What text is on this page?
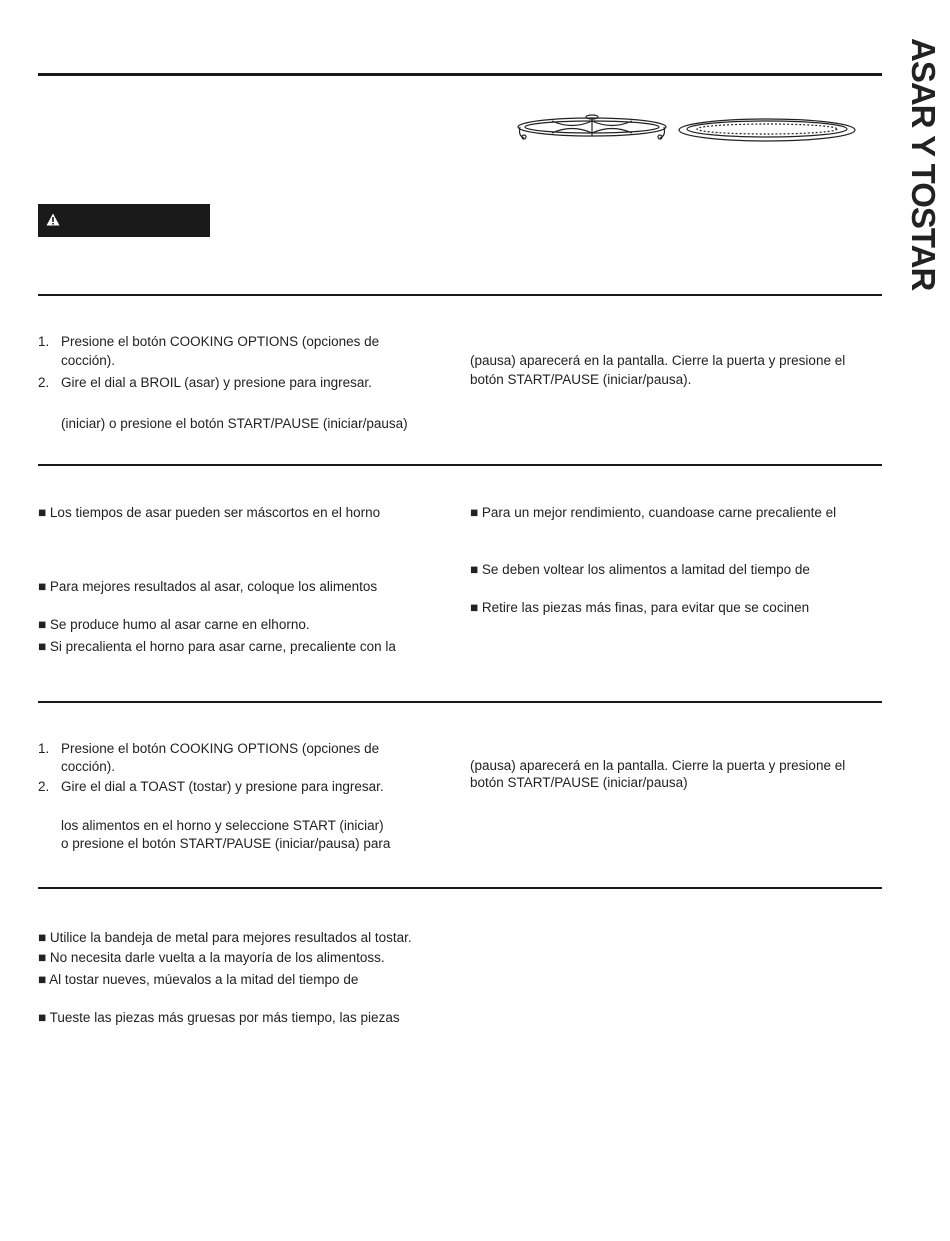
ASAR Y TOSTAR
1. Presione el botón COOKING OPTIONS (opciones de
cocción).
2. Gire el dial a BROIL (asar) y presione para ingresar.
(iniciar) o presione el botón START/PAUSE (iniciar/pausa)
(pausa) aparecerá en la pantalla. Cierre la puerta y presione el
botón START/PAUSE (iniciar/pausa).
■ Los tiempos de asar pueden ser máscortos en el horno
■ Para mejores resultados al asar, coloque los alimentos
■ Se produce humo al asar carne en elhorno.
■ Si precalienta el horno para asar carne, precaliente con la
■ Para un mejor rendimiento, cuandoase carne precaliente el
■ Se deben voltear los alimentos a lamitad del tiempo de
■ Retire las piezas más finas, para evitar que se cocinen
1. Presione el botón COOKING OPTIONS (opciones de
cocción).
2. Gire el dial a TOAST (tostar) y presione para ingresar.
los alimentos en el horno y seleccione START (iniciar)
o presione el botón START/PAUSE (iniciar/pausa) para
(pausa) aparecerá en la pantalla. Cierre la puerta y presione el
botón START/PAUSE (iniciar/pausa)
■ Utilice la bandeja de metal para mejores resultados al tostar.
■ No necesita darle vuelta a la mayoría de los alimentoss.
■ Al tostar nueves, múevalos a la mitad del tiempo de
■ Tueste las piezas más gruesas por más tiempo, las piezas
